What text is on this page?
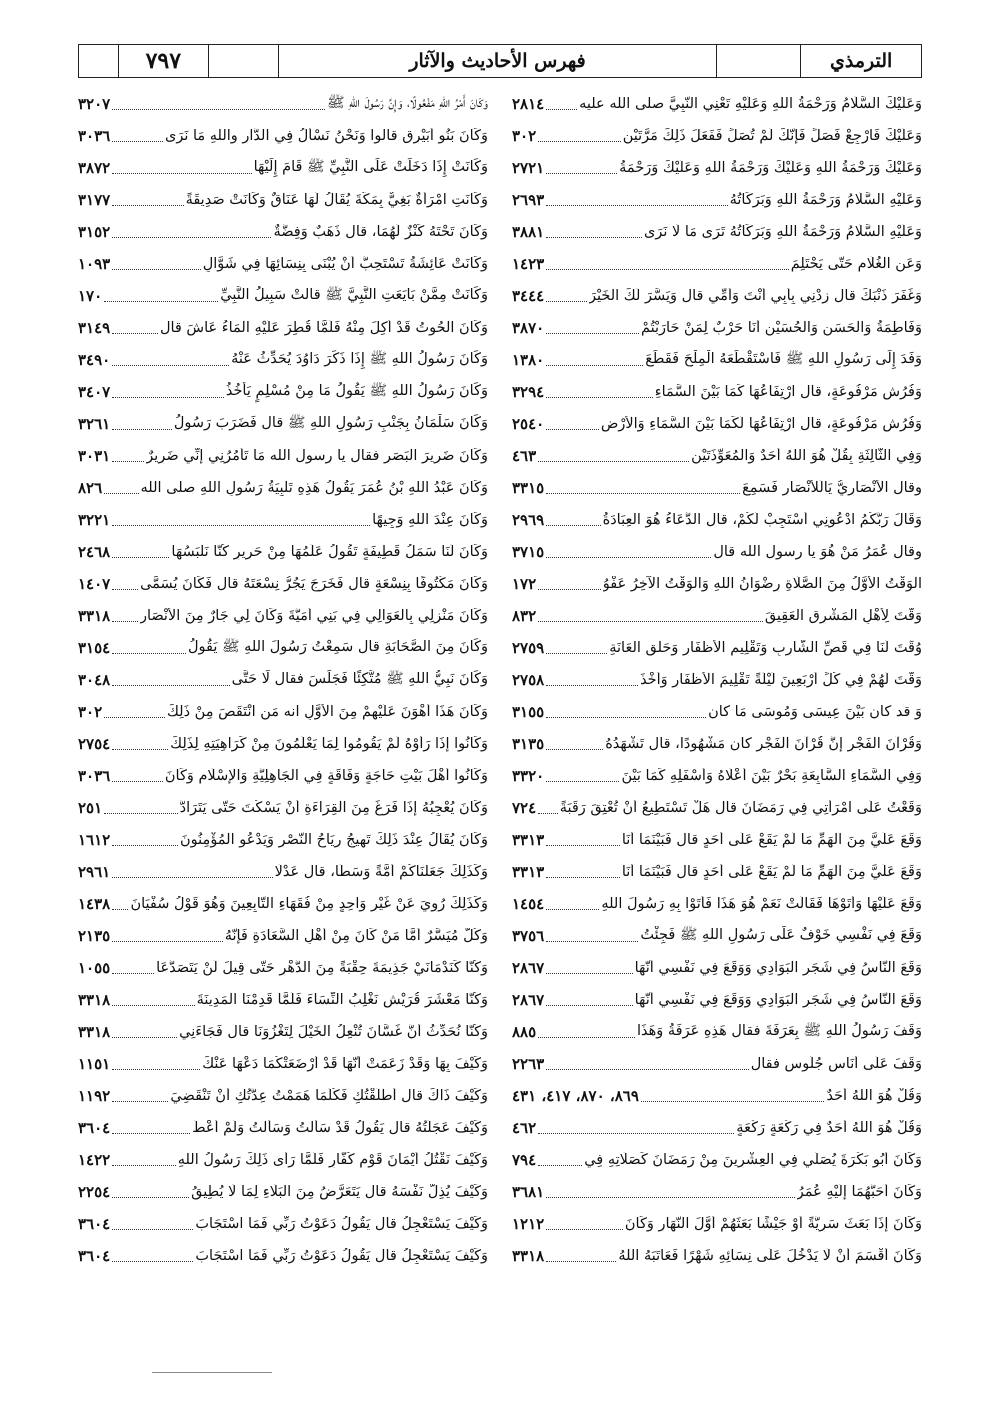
٧٩٧	فهرس الأحاديث والآثار	الترمذي
وَعَلَيْكَ السَّلَامُ وَرَحْمَةُ اللهِ وَعَلَيْهِ تَعْنِي النَّبِيَّ صلى الله عليه
٢٨١٤
وَعَلَيْكَ فَارْجِعْ فَصَلِّ فَإِنَّكَ لَمْ تُصَلِّ فَفَعَلَ ذَلِكَ مَرَّتَيْنِ
٣٠٢
وَعَلَيْكَ وَرَحْمَةُ اللهِ وَعَلَيْكَ وَرَحْمَةُ اللهِ وَعَلَيْكَ وَرَحْمَةُ
٢٧٢١
وَعَلَيْهِ السَّلَامُ وَرَحْمَةُ اللهِ وَبَرَكَاتُهُ
٢٦٩٣
وَعَلَيْهِ السَّلَامُ وَرَحْمَةُ اللهِ وَبَرَكَاتُهُ تَرَى مَا لَا نَرَى
٣٨٨١
وَعَنِ الْغُلَامِ حَتَّى يَحْتَلِمَ
١٤٢٣
وَغَفَرَ ذَنْبَكَ قال زِدْنِي بِأَبِي أَنْتَ وَأُمِّي قال وَيَسَّرَ لَكَ الْخَيْرَ
٣٤٤٤
وَفَاطِمَةُ وَالْحَسَنِ وَالْحُسَيْنِ أَنَا حَرْبٌ لِمَنْ حَارَبْتُمْ
٣٨٧٠
وَفَدَ إِلَى رَسُولِ اللهِ ﷺ فَاسْتَقْطَعَهُ الْمِلْحَ فَقَطَعَ
١٣٨٠
وَفُرُشٍ مَرْفُوعَةٍ، قال ارْتِفَاعُهَا كَمَا بَيْنَ السَّمَاءِ
٣٢٩٤
وَفُرُشٍ مَرْفُوعَةٍ، قال ارْتِفَاعُهَا لَكَمَا بَيْنَ السَّمَاءِ وَالْأَرْضِ
٢٥٤٠
وَفِي الثَّالِثَةِ بِقُلْ هُوَ اللهُ أَحَدٌ وَالْمُعَوِّذَتَيْنِ
٤٦٣
وقال الْأَنْصَارِيُّ يَالَلْأَنْصَارِ فَسَمِعَ
٣٣١٥
وَقَالَ رَبُّكُمُ ادْعُونِي أَسْتَجِبْ لَكُمْ، قال الدُّعَاءُ هُوَ الْعِبَادَةُ
٢٩٦٩
وقال عُمَرُ مَنْ هُوَ يا رسول الله قال
٣٧١٥
الْوَقْتُ الْأَوَّلُ مِنَ الصَّلَاةِ رِضْوَانُ اللهِ وَالْوَقْتُ الْآخِرُ عَفْوُ
١٧٢
وَقَّتَ لِأَهْلِ الْمَشْرِقِ الْعَقِيقَ
٨٣٢
وُقِّتَ لَنَا فِي قَصِّ الشَّارِبِ وَتَقْلِيمِ الْأَظْفَارِ وَحَلْقِ الْعَانَةِ
٢٧٥٩
وَقَّتَ لَهُمْ فِي كُلِّ أَرْبَعِينَ لَيْلَةً تَقْلِيمَ الْأَظْفَارِ وَأَخْذَ
٢٧٥٨
وَ قد كان بَيْنَ عِيسَى وَمُوسَى مَا كان
٣١٥٥
وَقُرْآنَ الْفَجْرِ إِنَّ قُرْآنَ الْفَجْرِ كان مَشْهُودًا، قال تَشْهَدُهُ
٣١٣٥
وَفِي السَّمَاءِ السَّابِعَةِ بَحْرٌ بَيْنَ أَعْلَاهُ وَأَسْفَلِهِ كَمَا بَيْنَ
٣٣٢٠
وَقَعْتُ عَلَى امْرَأَتِي فِي رَمَضَانَ قال هَلْ تَسْتَطِيعُ أَنْ تُعْتِقَ رَقَبَةً
٧٢٤
وَقَعَ عَلَيَّ مِنَ الْهَمِّ مَا لَمْ يَقَعْ عَلَى أَحَدٍ قال فَبَيْنَمَا أَنَا
٣٣١٣
وَقَعَ عَلَيَّ مِنَ الْهَمِّ مَا لَمْ يَقَعْ عَلَى أَحَدٍ قال فَبَيْنَمَا أَنَا
٣٣١٣
وَقَعَ عَلَيْهَا وَأَتَوْهَا فَقَالَتْ نَعَمْ هُوَ هَذَا فَأَتَوْا بِهِ رَسُولَ اللهِ
١٤٥٤
وَقَعَ فِي نَفْسِي خَوْفٌ عَلَى رَسُولِ اللهِ ﷺ فَجِئْتُ
٣٧٥٦
وَقَعَ النَّاسُ فِي شَجَرِ الْبَوَادِي وَوَقَعَ فِي نَفْسِي أَنَّهَا
٢٨٦٧
وَقَعَ النَّاسُ فِي شَجَرِ الْبَوَادِي وَوَقَعَ فِي نَفْسِي أَنَّهَا
٢٨٦٧
وَقَفَ رَسُولُ اللهِ ﷺ بِعَرَفَةَ فقال هَذِهِ عَرَفَةُ وَهَذَا
٨٨٥
وَقَفَ عَلَى أُنَاسٍ جُلُوسٍ فقال
٢٢٦٣
وَقُلْ هُوَ اللهُ أَحَدٌ
٨٦٩، ٨٧٠، ٤١٧، ٤٣١
وَقُلْ هُوَ اللهُ أَحَدٌ فِي رَكْعَةٍ رَكْعَةٍ
٤٦٢
وَكَانَ أَبُو بَكْرَةَ يُصَلِّي فِي الْعِشْرِينَ مِنْ رَمَضَانَ كَصَلَاتِهِ فِي
٧٩٤
وَكَانَ أَحَبَّهُمَا إِلَيْهِ عُمَرُ
٣٦٨١
وَكَانَ إِذَا بَعَثَ سَرِيَّةً أَوْ جَيْشًا بَعَثَهُمْ أَوَّلَ النَّهَارِ وَكَانَ
١٢١٢
وَكَانَ أَقْسَمَ أَنْ لَا يَدْخُلَ عَلَى نِسَائِهِ شَهْرًا فَعَاتَبَهُ اللهُ
٣٣١٨
وَكَانَ أَمْرُ اللهِ مَفْعُولًا، وَإِنَّ رَسُولَ اللهِ ﷺ
٣٢٠٧
وَكَانَ بَنُو أُبَيْرِقٍ قالوا وَنَحْنُ نَسْأَلُ فِي الدَّارِ واللهِ مَا نَرَى
٣٠٣٦
وَكَانَتْ إِذَا دَخَلَتْ عَلَى النَّبِيِّ ﷺ قَامَ إِلَيْهَا
٣٨٧٢
وَكَانَتِ امْرَأَةٌ بَغِيٌّ بِمَكَّةَ يُقَالُ لَهَا عَنَاقٌ وَكَانَتْ صَدِيقَةً
٣١٧٧
وَكَانَ تَحْتَهُ كَنْزٌ لَهُمَا، قال ذَهَبٌ وَفِضَّةٌ
٣١٥٢
وَكَانَتْ عَائِشَةُ تَسْتَحِبُّ أَنْ يُبْنَى بِنِسَائِهَا فِي شَوَّالٍ
١٠٩٣
وَكَانَتْ مِمَّنْ بَايَعَتِ النَّبِيَّ ﷺ قالتْ سَبِيلُ النَّبِيِّ
١٧٠
وَكَانَ الْحُوتُ قَدْ أُكِلَ مِنْهُ فَلَمَّا قُطِرَ عَلَيْهِ الْمَاءُ عَاشَ قال
٣١٤٩
وَكَانَ رَسُولُ اللهِ ﷺ إِذَا ذَكَرَ دَاوُدَ يُحَدِّثُ عَنْهُ
٣٤٩٠
وَكَانَ رَسُولُ اللهِ ﷺ يَقُولُ مَا مِنْ مُسْلِمٍ يَأْخُذُ
٣٤٠٧
وَكَانَ سَلْمَانُ بِجَنْبِ رَسُولِ اللهِ ﷺ قال فَضَرَبَ رَسُولُ
٣٢٦١
وَكَانَ ضَرِيرَ الْبَصَرِ فقال يا رسول الله مَا تَأْمُرُنِي إِنِّي ضَرِيرٌ
٣٠٣١
وَكَانَ عَبْدُ اللهِ بْنُ عُمَرَ يَقُولُ هَذِهِ تَلْبِيَةُ رَسُولِ اللهِ صلى الله
٨٢٦
وَكَانَ عِنْدَ اللهِ وَجِيهًا
٣٢٢١
وَكَانَ لَنَا سَمَلُ قَطِيفَةٍ تَقُولُ عَلَمُهَا مِنْ حَرِيرٍ كُنَّا نَلْبَسُهَا
٢٤٦٨
وَكَانَ مَكْتُوفًا بِنِسْعَةٍ قال فَخَرَجَ يَجُرُّ نِسْعَتَهُ قال فَكَانَ يُسَمَّى
١٤٠٧
وَكَانَ مَنْزِلِي بِالْعَوَالِي فِي بَنِي أُمَيَّةَ وَكَانَ لِي جَارٌ مِنَ الْأَنْصَارِ
٣٣١٨
وَكَانَ مِنَ الصَّحَابَةِ قال سَمِعْتُ رَسُولَ اللهِ ﷺ يَقُولُ
٣١٥٤
وَكَانَ نَبِيُّ اللهِ ﷺ مُتَّكِئًا فَجَلَسَ فقال لَا حَتَّى
٣٠٤٨
وَكَانَ هَذَا أَهْوَنَ عَلَيْهِمْ مِنَ الْأَوَّلِ انه مَنِ انْتَقَصَ مِنْ ذَلِكَ
٣٠٢
وَكَانُوا إِذَا رَأَوْهُ لَمْ يَقُومُوا لِمَا يَعْلَمُونَ مِنْ كَرَاهِيَتِهِ لِذَلِكَ
٢٧٥٤
وَكَانُوا أَهْلَ بَيْتِ حَاجَةٍ وَفَاقَةٍ فِي الْجَاهِلِيَّةِ وَالْإِسْلَامِ وَكَانَ
٣٠٣٦
وَكَانَ يُعْجِبُهُ إِذَا فَرَغَ مِنَ الْقِرَاءَةِ أَنْ يَسْكُتَ حَتَّى يَتَرَادَّ
٢٥١
وَكَانَ يُقَالُ عِنْدَ ذَلِكَ تَهِيجُ رِيَاحُ النَّصْرِ وَيَدْعُو الْمُؤْمِنُونَ
١٦١٢
وَكَذَلِكَ جَعَلْنَاكُمْ أُمَّةً وَسَطًا، قال عَدْلًا
٢٩٦١
وَكَذَلِكَ رُوِيَ عَنْ غَيْرِ وَاحِدٍ مِنْ فُقَهَاءِ التَّابِعِينَ وَهُوَ قَوْلُ سُفْيَانَ
١٤٣٨
وَكُلٌّ مُيَسَّرٌ أَمَّا مَنْ كَانَ مِنْ أَهْلِ السَّعَادَةِ فَإِنَّهُ
٢١٣٥
وَكُنَّا كَنَدْمَانَيْ جَذِيمَةَ حِقْبَةً مِنَ الدَّهْرِ حَتَّى قِيلَ لَنْ يَتَصَدَّعَا
١٠٥٥
وَكُنَّا مَعْشَرَ قُرَيْشٍ نَغْلِبُ النِّسَاءَ فَلَمَّا قَدِمْنَا الْمَدِينَةَ
٣٣١٨
وَكُنَّا نُحَدِّثُ أَنَّ غَسَّانَ تُنْعِلُ الْخَيْلَ لِتَغْزُوَنَا قال فَجَاءَنِي
٣٣١٨
وَكَيْفَ بِهَا وَقَدْ زَعَمَتْ أَنَّهَا قَدْ أَرْضَعَتْكُمَا دَعْهَا عَنْكَ
١١٥١
وَكَيْفَ ذَاكَ قال أَطْلَقْتُكِ فَكُلَّمَا هَمَمْتُ عِدَّتُكِ أَنْ تَنْقَضِيَ
١١٩٢
وَكَيْفَ عَجَلَتُهُ قال يَقُولُ قَدْ سَأَلْتُ وَسَأَلْتُ وَلَمْ أُعْطَ
٣٦٠٤
وَكَيْفَ نَقْتُلُ أَيْمَانَ قَوْمٍ كُفَّارٍ فَلَمَّا رَأَى ذَلِكَ رَسُولُ اللهِ
١٤٢٢
وَكَيْفَ يُذِلُّ نَفْسَهُ قال يَتَعَرَّضُ مِنَ الْبَلَاءِ لِمَا لَا يُطِيقُ
٢٢٥٤
وَكَيْفَ يَسْتَعْجِلُ قال يَقُولُ دَعَوْتُ رَبِّي فَمَا اسْتَجَابَ
٣٦٠٤
وَكَيْفَ يَسْتَعْجِلُ قال يَقُولُ دَعَوْتُ رَبِّي فَمَا اسْتَجَابَ
٣٦٠٤
